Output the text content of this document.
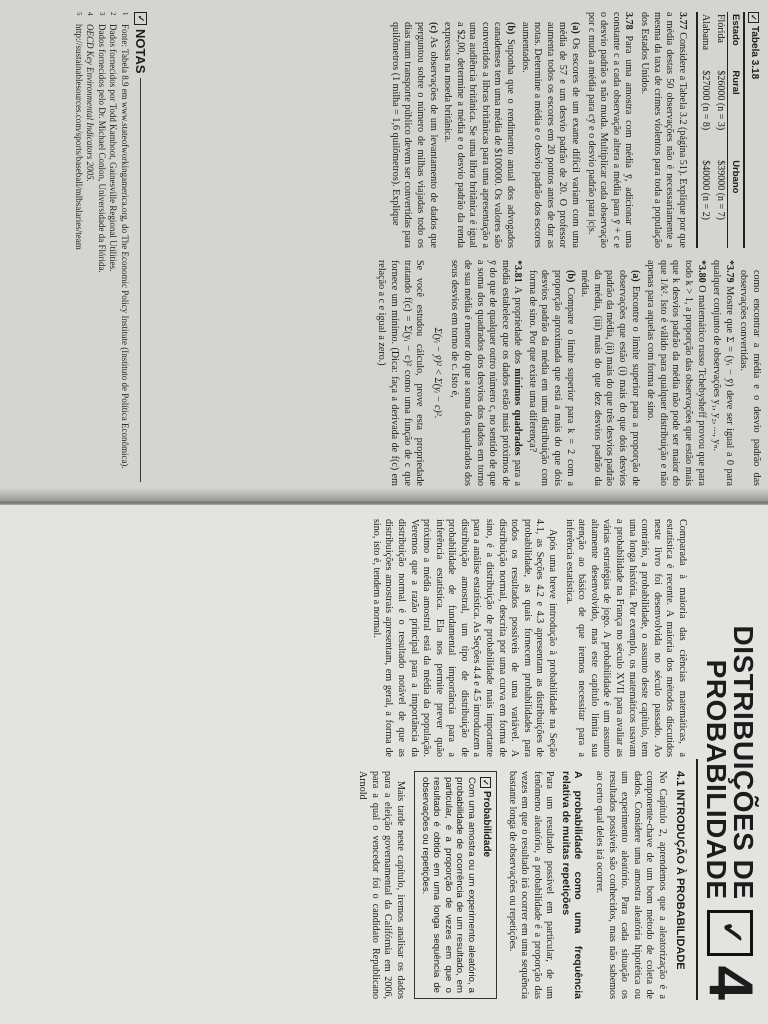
✓Tabela 3.18
Estado	Rural	Urbano
Flórida	$26000 (n = 3)	$39000 (n = 7)
Alabama	$27000 (n = 8)	$40000 (n = 2)
3.77 Considere a Tabela 3.2 (página 51). Explique por que a média destas 50 observações não é necessariamente a mesma da taxa de crimes violentos para toda a população dos Estados Unidos.
3.78 Para uma amostra com média ȳ, adicionar uma constante c a cada observação altera a média para ȳ + c e o desvio padrão s não muda. Multiplicar cada observação por c muda a média para cȳ e o desvio padrão para |c|s.
(a) Os escores de um exame difícil variam com uma média de 57 e um desvio padrão de 20. O professor aumenta todos os escores em 20 pontos antes de dar as notas. Determine a média e o desvio padrão dos escores aumentados.
(b) Suponha que o rendimento anual dos advogados canadenses tem uma média de $100000. Os valores são convertidos a libras britânicas para uma apresentação a uma audiência britânica. Se uma libra britânica é igual a $2,00, determine a média e o desvio padrão da renda expressas na moeda britânica.
(c) As observações de um levantamento de dados que perguntou sobre o número de milhas viajadas todo os dias num transporte público devem ser convertidas para quilômetros (1 milha = 1,6 quilômetros). Explique
como encontrar a média e o desvio padrão das observações convertidas.
*3.79 Mostre que Σ = (yᵢ − ȳ) deve ser igual a 0 para qualquer conjunto de observações y₁, y₂, ..., yₙ.
*3.80 O matemático russo Tchebysheff provou que para todo k > 1, a proporção das observações que estão mais que k desvios padrão da média não pode ser maior do que 1/k². Isto é válido para qualquer distribuição e não apenas para aquelas com forma de sino.
(a) Encontre o limite superior para a proporção de observações que estão (i) mais do que dois desvios padrão da média, (ii) mais do que três desvios padrão da média, (iii) mais do que dez desvios padrão da média.
(b) Compare o limite superior para k = 2 com a proporção aproximada que está a mais do que dois desvios padrão da média em uma distribuição com forma de sino. Por que existe uma diferença?
*3.81 A propriedade dos mínimos quadrados para a média estabelece que os dados estão mais próximos de ȳ do que de qualquer outro número c, no sentido de que a soma dos quadrados dos desvios dos dados em torno de sua média é menor do que a soma dos quadrados dos seus desvios em torno de c. Isto é,
Σ(yᵢ − ȳ)² < Σ(yᵢ − c)².
Se você estudou cálculo, prove esta propriedade tratando f(c) = Σ(yᵢ − c)² como uma função de c que fornece um mínimo. (Dica: faça a derivada de f(c) em relação a c e igual a zero.)
✓
NOTAS
1
Fonte: Tabela 8.9 em www.stateofworkingamerica.org, do The Economic Policy Institute (Instituto de Política Econômica).
2
Dados fornecidos por Todd Kamhoot, Gainesville Regional Utilities.
3
Dados fornecidos pelo Dr. Michael Conlon, Universidade da Flórida.
4
OECD Key Environmental Indicators 2005.
5
http://sustainablesources.com/sports/baseball/mlbsalaries/team
DISTRIBUIÇÕES DE
PROBABILIDADE
✓
4

Comparada à maioria das ciências matemáticas, a estatística é recente. A maioria dos métodos discutidos neste livro foi desenvolvida no século passado. Ao contrário, a probabilidade, o assunto deste capítulo, tem uma longa história. Por exemplo, os matemáticos usavam a probabilidade na França no século XVII para avaliar as várias estratégias de jogo. A probabilidade é um assunto altamente desenvolvido, mas este capítulo limita sua atenção ao básico de que iremos necessitar para a inferência estatística.

Após uma breve introdução à probabilidade na Seção 4.1, as Seções 4.2 e 4.3 apresentam as distribuições de probabilidade, as quais fornecem probabilidades para todos os resultados possíveis de uma variável. A distribuição normal, descrita por uma curva em forma de sino, é a distribuição de probabilidade mais importante para a análise estatística. As Seções 4.4 e 4.5 introduzem a distribuição amostral, um tipo de distribuição de probabilidade de fundamental importância para a inferência estatística. Ela nos permite prever quão próximo a média amostral está da média da população. Veremos que a razão principal para a importância da distribuição normal é o resultado notável de que as distribuições amostrais apresentam, em geral, a forma de sino, isto é, tendem a normal.

4.1 INTRODUÇÃO À PROBABILIDADE

No Capítulo 2, aprendemos que a aleatorização é a componente-chave de um bom método de coleta de dados. Considere uma amostra aleatória hipotética ou um experimento aleatório. Para cada situação os resultados possíveis são conhecidos, mas não sabemos ao certo qual deles irá ocorrer.

A probabilidade como uma frequência relativa de muitas repetições

Para um resultado possível em particular, de um fenômeno aleatório, a probabilidade é a proporção das vezes em que o resultado irá ocorrer em uma sequência bastante longa de observações ou repetições.

✓Probabilidade
Com uma amostra ou um experimento aleatório, a probabilidade de ocorrência de um resultado, em particular, é a proporção de vezes em que o resultado é obtido em uma longa sequência de observações ou repetições.

Mais tarde neste capítulo, iremos analisar os dados para a eleição governamental da Califórnia em 2006, para a qual o vencedor foi o candidato Republicano Arnold
